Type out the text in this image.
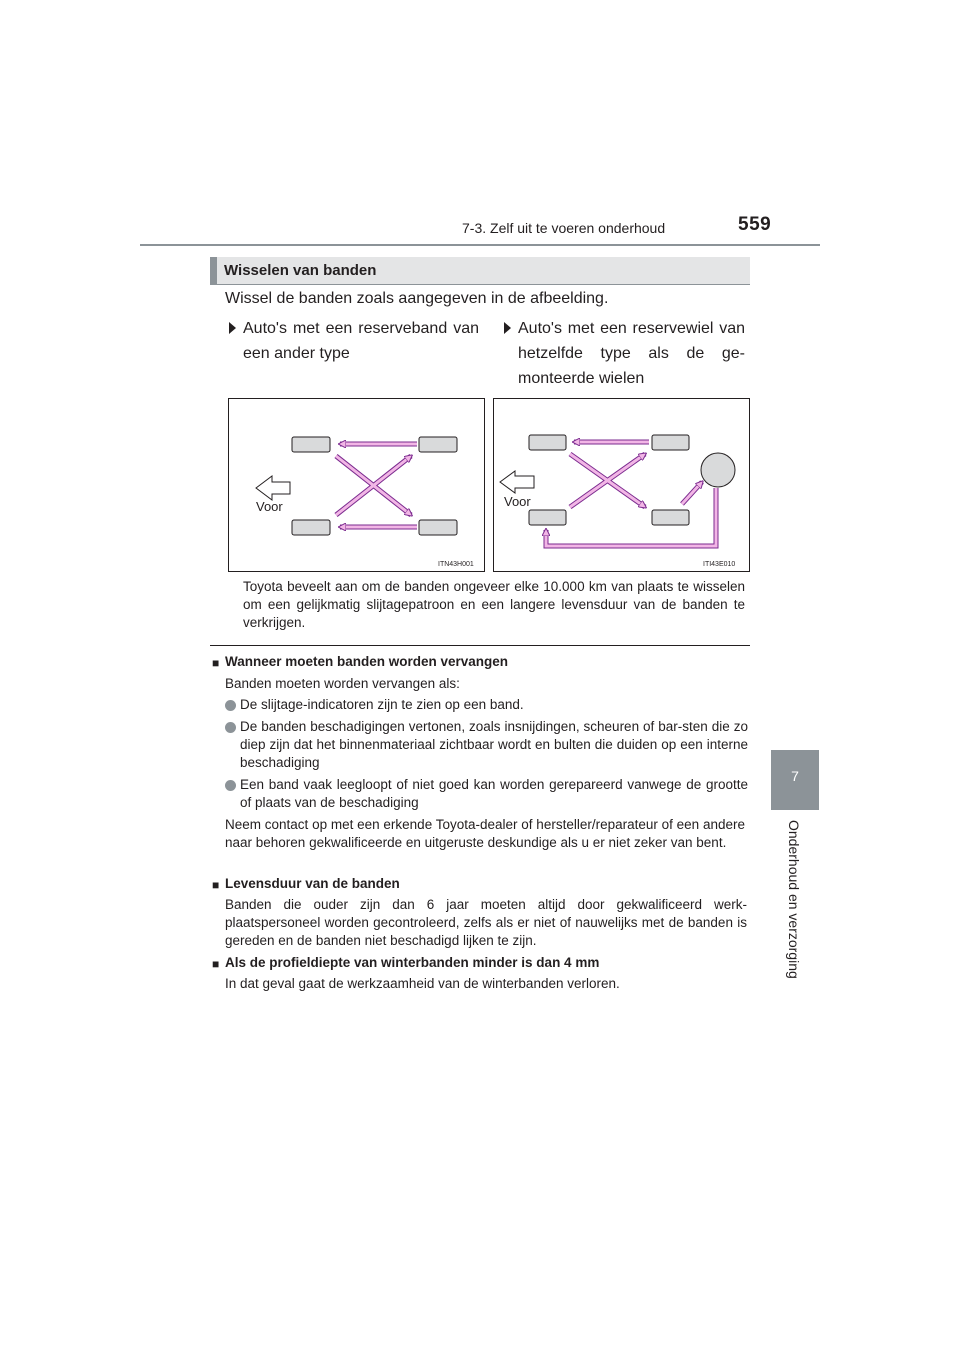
7-3. Zelf uit te voeren onderhoud	559
7
Onderhoud en verzorging
Wisselen van banden
Wissel de banden zoals aangegeven in de afbeelding.
Auto's met een reserveband van een ander type
Auto's met een reservewiel van hetzelfde type als de ge-monteerde wielen
Voor
ITN43H001
Voor
ITI43E010
Toyota beveelt aan om de banden ongeveer elke 10.000 km van plaats te wisselen om een gelijkmatig slijtagepatroon en een langere levensduur van de banden te verkrijgen.
■ Wanneer moeten banden worden vervangen
Banden moeten worden vervangen als:
De slijtage-indicatoren zijn te zien op een band.
De banden beschadigingen vertonen, zoals insnijdingen, scheuren of bar-sten die zo diep zijn dat het binnenmateriaal zichtbaar wordt en bulten die duiden op een interne beschadiging
Een band vaak leegloopt of niet goed kan worden gerepareerd vanwege de grootte of plaats van de beschadiging
Neem contact op met een erkende Toyota-dealer of hersteller/reparateur of een andere naar behoren gekwalificeerde en uitgeruste deskundige als u er niet zeker van bent.
■ Levensduur van de banden
Banden die ouder zijn dan 6 jaar moeten altijd door gekwalificeerd werk-plaatspersoneel worden gecontroleerd, zelfs als er niet of nauwelijks met de banden is gereden en de banden niet beschadigd lijken te zijn.
■ Als de profieldiepte van winterbanden minder is dan 4 mm
In dat geval gaat de werkzaamheid van de winterbanden verloren.
